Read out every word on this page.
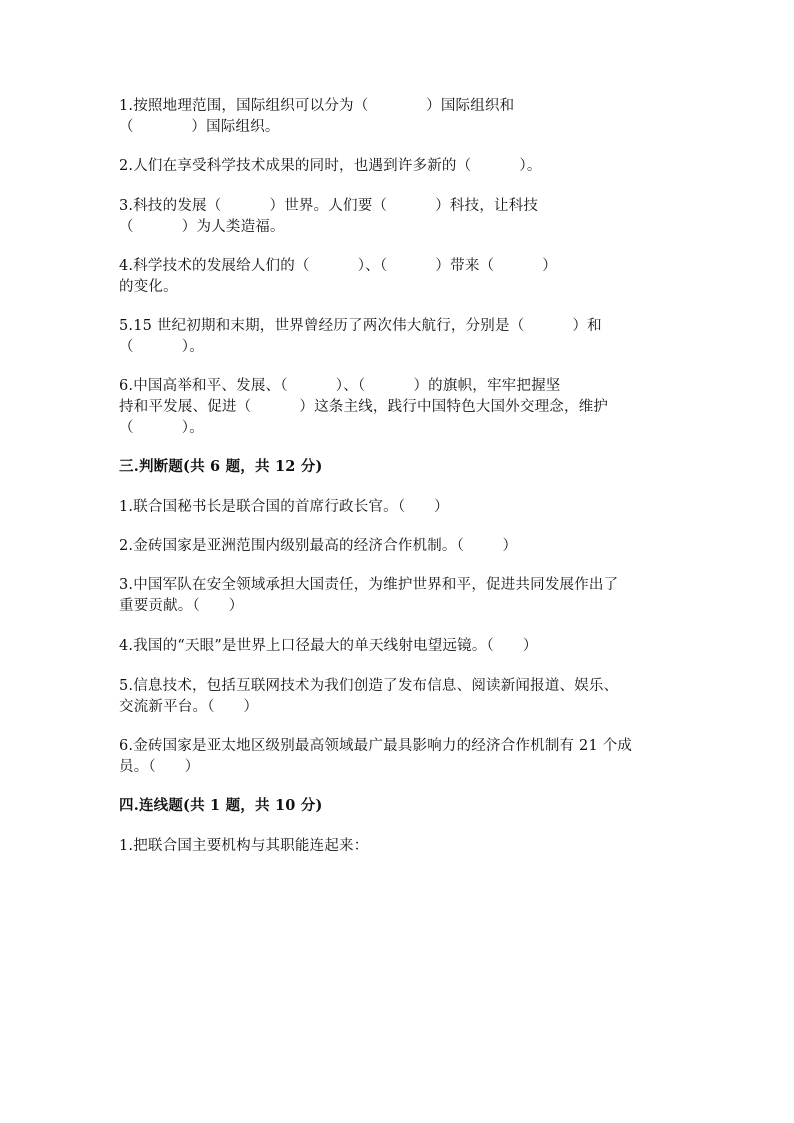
1.按照地理范围，国际组织可以分为（            ）国际组织和
（            ）国际组织。
2.人们在享受科学技术成果的同时，也遇到许多新的（          ）。
3.科技的发展（          ）世界。人们要（          ）科技，让科技
（          ）为人类造福。
4.科学技术的发展给人们的（          ）、（          ）带来（          ）
的变化。
5.15 世纪初期和末期，世界曾经历了两次伟大航行，分别是（          ）和
（          ）。
6.中国高举和平、发展、（          ）、（          ）的旗帜，牢牢把握坚
持和平发展、促进（          ）这条主线，践行中国特色大国外交理念，维护
（          ）。
三.判断题(共 6 题，共 12 分)
1.联合国秘书长是联合国的首席行政长官。（      ）
2.金砖国家是亚洲范围内级别最高的经济合作机制。（        ）
3.中国军队在安全领域承担大国责任，为维护世界和平，促进共同发展作出了
重要贡献。（      ）
4.我国的“天眼”是世界上口径最大的单天线射电望远镜。（      ）
5.信息技术，包括互联网技术为我们创造了发布信息、阅读新闻报道、娱乐、
交流新平台。（      ）
6.金砖国家是亚太地区级别最高领域最广最具影响力的经济合作机制有 21 个成
员。（      ）
四.连线题(共 1 题，共 10 分)
1.把联合国主要机构与其职能连起来：
